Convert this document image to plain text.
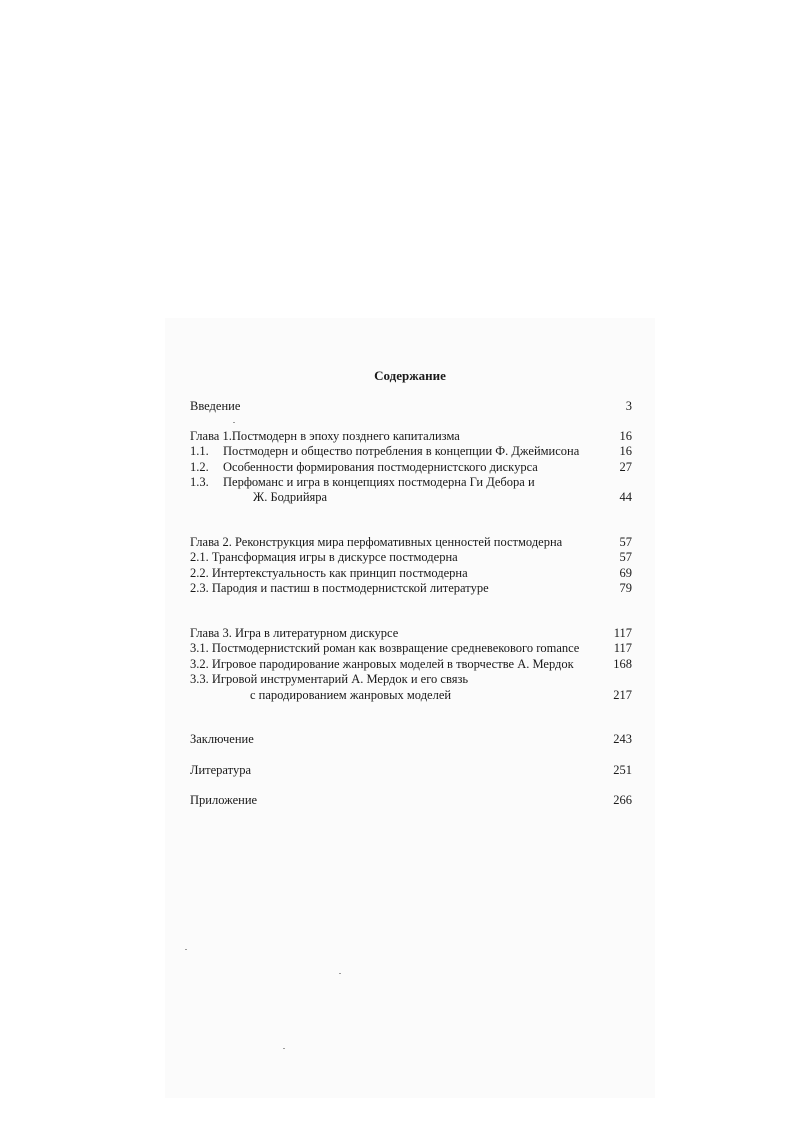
Содержание
Введение	3
Глава 1.Постмодерн в эпоху позднего капитализма	16
1.1. Постмодерн и общество потребления в концепции Ф. Джеймисона	16
1.2. Особенности формирования постмодернистского дискурса	27
1.3. Перфоманс и игра в концепциях постмодерна Ги Дебора и
Ж. Бодрийяра	44
Глава 2. Реконструкция мира перфомативных ценностей постмодерна	57
2.1. Трансформация игры в дискурсе постмодерна	57
2.2. Интертекстуальность как принцип постмодерна	69
2.3. Пародия и пастиш в постмодернистской литературе	79
Глава 3. Игра в литературном дискурсе	117
3.1. Постмодернистский роман как возвращение средневекового romance	117
3.2. Игровое пародирование жанровых моделей в творчестве А. Мердок	168
3.3. Игровой инструментарий А. Мердок и его связь
с пародированием жанровых моделей	217
Заключение	243
Литература	251
Приложение	266
